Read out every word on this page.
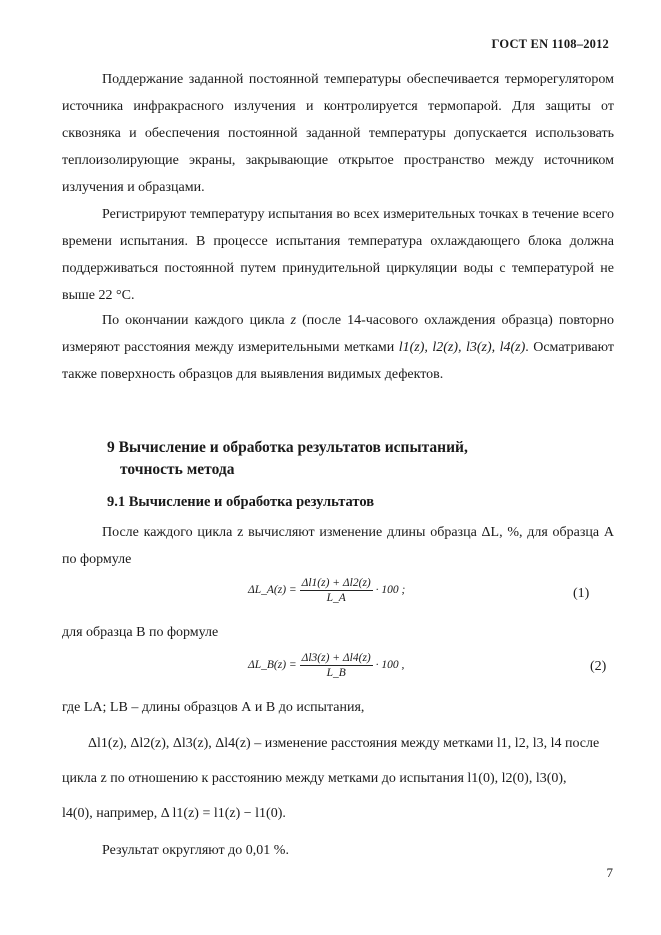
ГОСТ EN 1108–2012
Поддержание заданной постоянной температуры обеспечивается терморегулятором источника инфракрасного излучения и контролируется термопарой. Для защиты от сквозняка и обеспечения постоянной заданной температуры допускается использовать теплоизолирующие экраны, закрывающие открытое пространство между источником излучения и образцами.
Регистрируют температуру испытания во всех измерительных точках в течение всего времени испытания. В процессе испытания температура охлаждающего блока должна поддерживаться постоянной путем принудительной циркуляции воды с температурой не выше 22 °С.
По окончании каждого цикла z (после 14-часового охлаждения образца) повторно измеряют расстояния между измерительными метками l1(z), l2(z), l3(z), l4(z). Осматривают также поверхность образцов для выявления видимых дефектов.
9 Вычисление и обработка результатов испытаний,
точность метода
9.1 Вычисление и обработка результатов
После каждого цикла z вычисляют изменение длины образца ΔL, %, для образца А по формуле
ΔL_A(z) = $\frac{\Delta l1(z) + \Delta l2(z)}{L\_A} \cdot 100$ ;	(1)
для образца В по формуле
ΔL_B(z) = $\frac{\Delta l3(z) + \Delta l4(z)}{L\_B} \cdot 100$ ,	(2)
где LA; LB – длины образцов А и В до испытания,
Δl1(z), Δl2(z), Δl3(z), Δl4(z) – изменение расстояния между метками l1, l2, l3, l4 после
цикла z по отношению к расстоянию между метками до испытания l1(0), l2(0), l3(0),
l4(0), например, Δ l1(z) = l1(z) − l1(0).
Результат округляют до 0,01 %.
7
